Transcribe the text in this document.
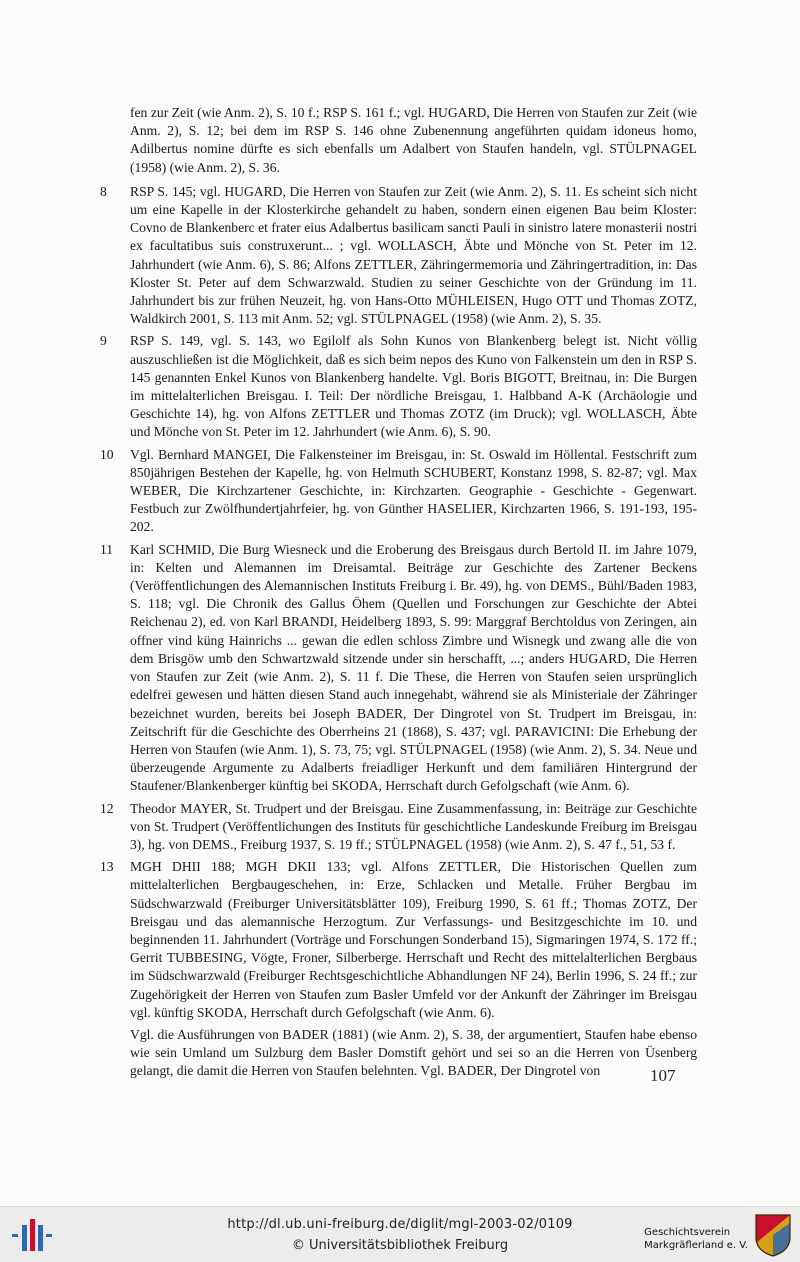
fen zur Zeit (wie Anm. 2), S. 10 f.; RSP S. 161 f.; vgl. HUGARD, Die Herren von Staufen zur Zeit (wie Anm. 2), S. 12; bei dem im RSP S. 146 ohne Zubenennung angeführten quidam idoneus homo, Adilbertus nomine dürfte es sich ebenfalls um Adalbert von Staufen handeln, vgl. STÜLPNAGEL (1958) (wie Anm. 2), S. 36.

8	RSP S. 145; vgl. HUGARD, Die Herren von Staufen zur Zeit (wie Anm. 2), S. 11. Es scheint sich nicht um eine Kapelle in der Klosterkirche gehandelt zu haben, sondern einen eigenen Bau beim Kloster: Covno de Blankenberc et frater eius Adalbertus basilicam sancti Pauli in sinistro latere monasterii nostri ex facultatibus suis construxerunt... ; vgl. WOLLASCH, Äbte und Mönche von St. Peter im 12. Jahrhundert (wie Anm. 6), S. 86; Alfons ZETTLER, Zähringermemoria und Zähringertradition, in: Das Kloster St. Peter auf dem Schwarzwald. Studien zu seiner Geschichte von der Gründung im 11. Jahrhundert bis zur frühen Neuzeit, hg. von Hans-Otto MÜHLEISEN, Hugo OTT und Thomas ZOTZ, Waldkirch 2001, S. 113 mit Anm. 52; vgl. STÜLPNAGEL (1958) (wie Anm. 2), S. 35.
9	RSP S. 149, vgl. S. 143, wo Egilolf als Sohn Kunos von Blankenberg belegt ist. Nicht völlig auszuschließen ist die Möglichkeit, daß es sich beim nepos des Kuno von Falkenstein um den in RSP S. 145 genannten Enkel Kunos von Blankenberg handelte. Vgl. Boris BIGOTT, Breitnau, in: Die Burgen im mittelalterlichen Breisgau. I. Teil: Der nördliche Breisgau, 1. Halbband A-K (Archäologie und Geschichte 14), hg. von Alfons ZETTLER und Thomas ZOTZ (im Druck); vgl. WOLLASCH, Äbte und Mönche von St. Peter im 12. Jahrhundert (wie Anm. 6), S. 90.
10	Vgl. Bernhard MANGEI, Die Falkensteiner im Breisgau, in: St. Oswald im Höllental. Festschrift zum 850jährigen Bestehen der Kapelle, hg. von Helmuth SCHUBERT, Konstanz 1998, S. 82-87; vgl. Max WEBER, Die Kirchzartener Geschichte, in: Kirchzarten. Geographie - Geschichte - Gegenwart. Festbuch zur Zwölfhundertjahrfeier, hg. von Günther HASELIER, Kirchzarten 1966, S. 191-193, 195-202.
11	Karl SCHMID, Die Burg Wiesneck und die Eroberung des Breisgaus durch Bertold II. im Jahre 1079, in: Kelten und Alemannen im Dreisamtal. Beiträge zur Geschichte des Zartener Beckens (Veröffentlichungen des Alemannischen Instituts Freiburg i. Br. 49), hg. von DEMS., Bühl/Baden 1983, S. 118; vgl. Die Chronik des Gallus Öhem (Quellen und Forschungen zur Geschichte der Abtei Reichenau 2), ed. von Karl BRANDI, Heidelberg 1893, S. 99: Marggraf Berchtoldus von Zeringen, ain offner vind küng Hainrichs ... gewan die edlen schloss Zimbre und Wisnegk und zwang alle die von dem Brisgöw umb den Schwartzwald sitzende under sin herschafft, ...; anders HUGARD, Die Herren von Staufen zur Zeit (wie Anm. 2), S. 11 f. Die These, die Herren von Staufen seien ursprünglich edelfrei gewesen und hätten diesen Stand auch innegehabt, während sie als Ministeriale der Zähringer bezeichnet wurden, bereits bei Joseph BADER, Der Dingrotel von St. Trudpert im Breisgau, in: Zeitschrift für die Geschichte des Oberrheins 21 (1868), S. 437; vgl. PARAVICINI: Die Erhebung der Herren von Staufen (wie Anm. 1), S. 73, 75; vgl. STÜLPNAGEL (1958) (wie Anm. 2), S. 34. Neue und überzeugende Argumente zu Adalberts freiadliger Herkunft und dem familiären Hintergrund der Staufener/Blankenberger künftig bei SKODA, Herrschaft durch Gefolgschaft (wie Anm. 6).
12	Theodor MAYER, St. Trudpert und der Breisgau. Eine Zusammenfassung, in: Beiträge zur Geschichte von St. Trudpert (Veröffentlichungen des Instituts für geschichtliche Landeskunde Freiburg im Breisgau 3), hg. von DEMS., Freiburg 1937, S. 19 ff.; STÜLPNAGEL (1958) (wie Anm. 2), S. 47 f., 51, 53 f.
13	MGH DHII 188; MGH DKII 133; vgl. Alfons ZETTLER, Die Historischen Quellen zum mittelalterlichen Bergbaugeschehen, in: Erze, Schlacken und Metalle. Früher Bergbau im Südschwarzwald (Freiburger Universitätsblätter 109), Freiburg 1990, S. 61 ff.; Thomas ZOTZ, Der Breisgau und das alemannische Herzogtum. Zur Verfassungs- und Besitzgeschichte im 10. und beginnenden 11. Jahrhundert (Vorträge und Forschungen Sonderband 15), Sigmaringen 1974, S. 172 ff.; Gerrit TUBBESING, Vögte, Froner, Silberberge. Herrschaft und Recht des mittelalterlichen Bergbaus im Südschwarzwald (Freiburger Rechtsgeschichtliche Abhandlungen NF 24), Berlin 1996, S. 24 ff.; zur Zugehörigkeit der Herren von Staufen zum Basler Umfeld vor der Ankunft der Zähringer im Breisgau vgl. künftig SKODA, Herrschaft durch Gefolgschaft (wie Anm. 6).

Vgl. die Ausführungen von BADER (1881) (wie Anm. 2), S. 38, der argumentiert, Staufen habe ebenso wie sein Umland um Sulzburg dem Basler Domstift gehört und sei so an die Herren von Üsenberg gelangt, die damit die Herren von Staufen belehnten. Vgl. BADER, Der Dingrotel von	107
http://dl.ub.uni-freiburg.de/diglit/mgl-2003-02/0109
© Universitätsbibliothek Freiburg
Geschichtsverein
Markgräflerland e. V.
